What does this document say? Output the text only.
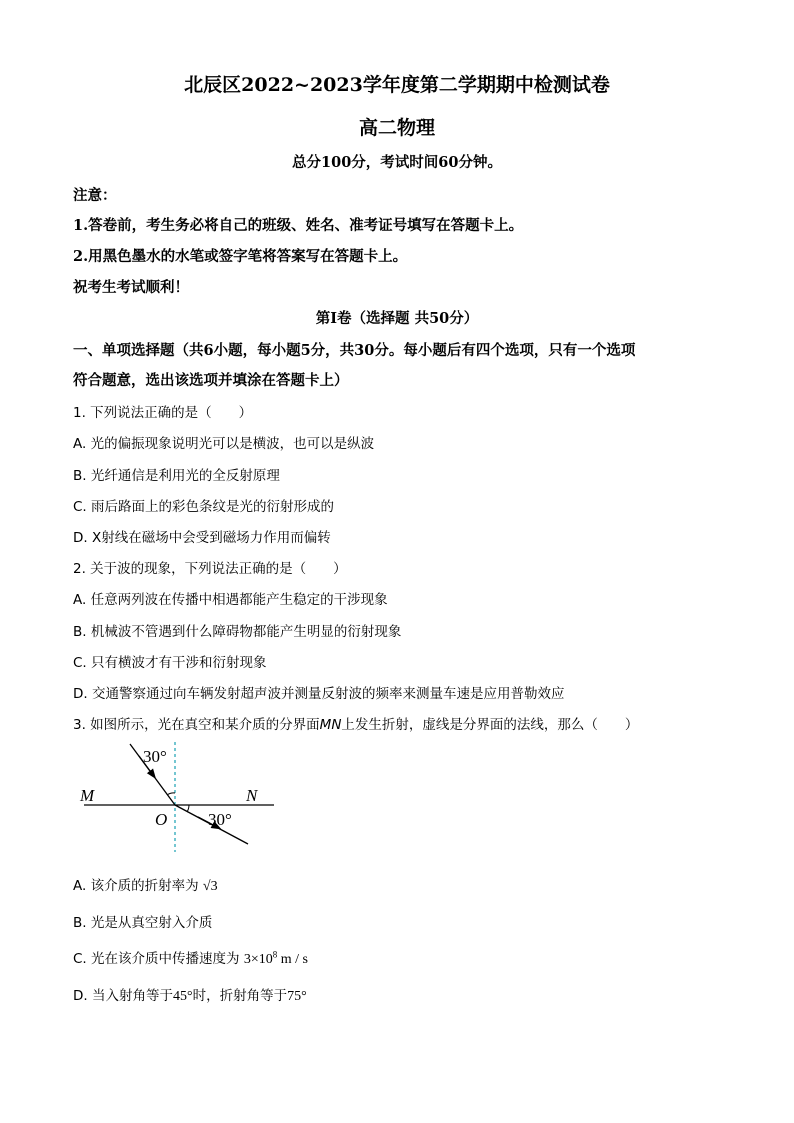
北辰区2022~2023学年度第二学期期中检测试卷
高二物理
总分100分，考试时间60分钟。
注意：
1.答卷前，考生务必将自己的班级、姓名、准考证号填写在答题卡上。
2.用黑色墨水的水笔或签字笔将答案写在答题卡上。
祝考生考试顺利！
第Ⅰ卷（选择题 共50分）
一、单项选择题（共6小题，每小题5分，共30分。每小题后有四个选项，只有一个选项
符合题意，选出该选项并填涂在答题卡上）
1. 下列说法正确的是（　　）
A. 光的偏振现象说明光可以是横波，也可以是纵波
B. 光纤通信是利用光的全反射原理
C. 雨后路面上的彩色条纹是光的衍射形成的
D. X射线在磁场中会受到磁场力作用而偏转
2. 关于波的现象，下列说法正确的是（　　）
A. 任意两列波在传播中相遇都能产生稳定的干涉现象
B. 机械波不管遇到什么障碍物都能产生明显的衍射现象
C. 只有横波才有干涉和衍射现象
D. 交通警察通过向车辆发射超声波并测量反射波的频率来测量车速是应用普勒效应
3. 如图所示，光在真空和某介质的分界面MN上发生折射，虚线是分界面的法线，那么（　　）
30°
M	N
O 30°
A. 该介质的折射率为 √3
B. 光是从真空射入介质
C. 光在该介质中传播速度为 $3\times 10^8$ m / s
D. 当入射角等于45°时，折射角等于75°
